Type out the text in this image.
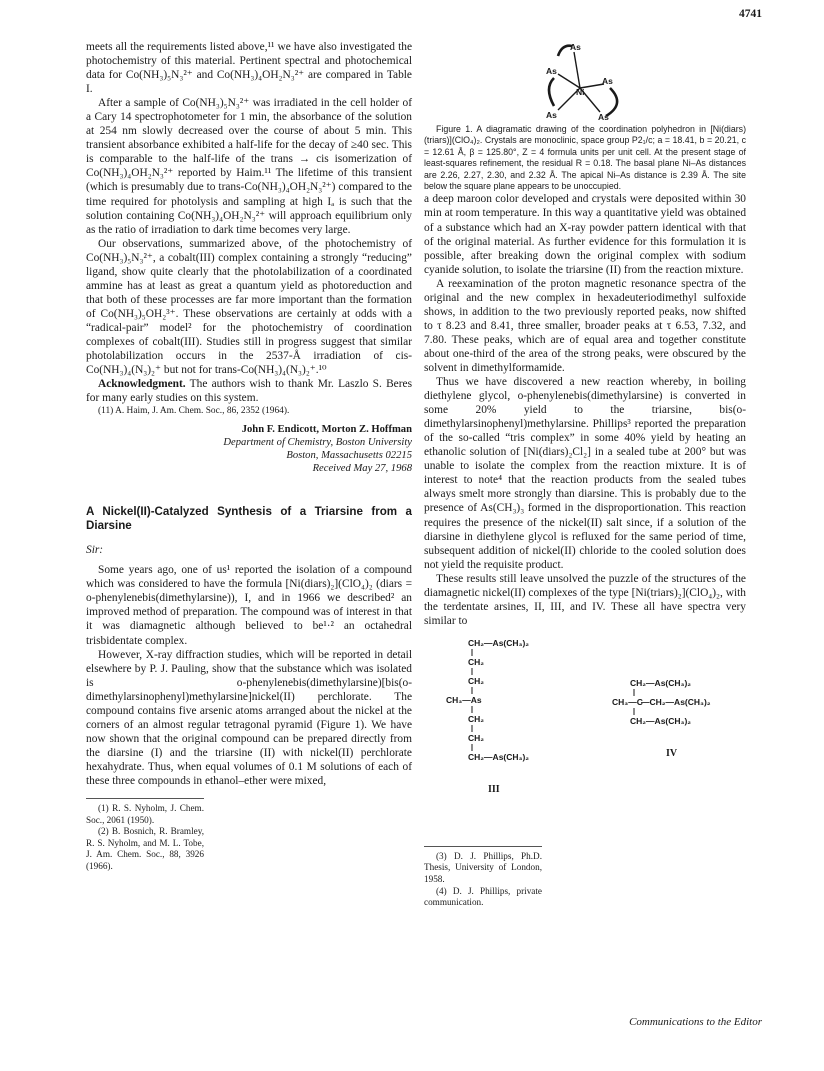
4741

meets all the requirements listed above,¹¹ we have also investigated the photochemistry of this material. Pertinent spectral and photochemical data for Co(NH₃)₅N₃²⁺ and Co(NH₃)₄OH₂N₃²⁺ are compared in Table I.

After a sample of Co(NH₃)₅N₃²⁺ was irradiated in the cell holder of a Cary 14 spectrophotometer for 1 min, the absorbance of the solution at 254 nm slowly decreased over the course of about 5 min. This transient absorbance exhibited a half-life for the decay of ≥40 sec. This is comparable to the half-life of the trans → cis isomerization of Co(NH₃)₄OH₂N₃²⁺ reported by Haim.¹¹ The lifetime of this transient (which is presumably due to trans-Co(NH₃)₄OH₂N₃²⁺) compared to the time required for photolysis and sampling at high Iₐ is such that the solution containing Co(NH₃)₄OH₂N₃²⁺ will approach equilibrium only as the ratio of irradiation to dark time becomes very large.

Our observations, summarized above, of the photochemistry of Co(NH₃)₅N₃²⁺, a cobalt(III) complex containing a strongly “reducing” ligand, show quite clearly that the photolabilization of a coordinated ammine has at least as great a quantum yield as photoreduction and that both of these processes are far more important than the formation of Co(NH₃)₅OH₂³⁺. These observations are certainly at odds with a “radical-pair” model² for the photochemistry of coordination complexes of cobalt(III). Studies still in progress suggest that similar photolabilization occurs in the 2537-Å irradiation of cis-Co(NH₃)₄(N₃)₂⁺ but not for trans-Co(NH₃)₄(N₃)₂⁺.¹⁰

Acknowledgment. The authors wish to thank Mr. Laszlo S. Beres for many early studies on this system.

(11) A. Haim, J. Am. Chem. Soc., 86, 2352 (1964).

John F. Endicott, Morton Z. Hoffman
Department of Chemistry, Boston University
Boston, Massachusetts 02215
Received May 27, 1968
A Nickel(II)-Catalyzed Synthesis of a Triarsine from a Diarsine
Sir:

Some years ago, one of us¹ reported the isolation of a compound which was considered to have the formula [Ni(diars)₂](ClO₄)₂ (diars = o-phenylenebis(dimethylarsine)), I, and in 1966 we described² an improved method of preparation. The compound was of interest in that it was diamagnetic although believed to be¹·² an octahedral trisbidentate complex.

However, X-ray diffraction studies, which will be reported in detail elsewhere by P. J. Pauling, show that the substance which was isolated is o-phenylenebis(dimethylarsine)[bis(o-dimethylarsinophenyl)methylarsine]nickel(II) perchlorate. The compound contains five arsenic atoms arranged about the nickel at the corners of an almost regular tetragonal pyramid (Figure 1). We have now shown that the original compound can be prepared directly from the diarsine (I) and the triarsine (II) with nickel(II) perchlorate hexahydrate. Thus, when equal volumes of 0.1 M solutions of each of these three compounds in ethanol–ether were mixed,

(1) R. S. Nyholm, J. Chem. Soc., 2061 (1950).

(2) B. Bosnich, R. Bramley, R. S. Nyholm, and M. L. Tobe, J. Am. Chem. Soc., 88, 3926 (1966).

As
As
As
As	As
Ni

Figure 1. A diagramatic drawing of the coordination polyhedron in [Ni(diars)(triars)](ClO₄)₂. Crystals are monoclinic, space group P2₁/c; a = 18.41, b = 20.21, c = 12.61 Å, β = 125.80°, Z = 4 formula units per unit cell. At the present stage of least-squares refinement, the residual R = 0.18. The basal plane Ni–As distances are 2.26, 2.27, 2.30, and 2.32 Å. The apical Ni–As distance is 2.39 Å. The site below the square plane appears to be unoccupied.

a deep maroon color developed and crystals were deposited within 30 min at room temperature. In this way a quantitative yield was obtained of a substance which had an X-ray powder pattern identical with that of the original material. As further evidence for this formulation it is possible, after breaking down the original complex with sodium cyanide solution, to isolate the triarsine (II) from the reaction mixture.

A reexamination of the proton magnetic resonance spectra of the original and the new complex in hexadeuteriodimethyl sulfoxide shows, in addition to the two previously reported peaks, now shifted to τ 8.23 and 8.41, three smaller, broader peaks at τ 6.53, 7.32, and 7.80. These peaks, which are of equal area and together constitute about one-third of the area of the strong peaks, were obscured by the solvent in dimethylformamide.

Thus we have discovered a new reaction whereby, in boiling diethylene glycol, o-phenylenebis(dimethylarsine) is converted in some 20% yield to the triarsine, bis(o-dimethylarsinophenyl)methylarsine. Phillips³ reported the preparation of the so-called “tris complex” in some 40% yield by heating an ethanolic solution of [Ni(diars)₂Cl₂] in a sealed tube at 200° but was unable to isolate the complex from the reaction mixture. It is of interest to note⁴ that the reaction products from the sealed tubes always smelt more strongly than diarsine. This is probably due to the presence of As(CH₃)₃ formed in the disproportionation. This reaction requires the presence of the nickel(II) salt since, if a solution of the diarsine in diethylene glycol is refluxed for the same period of time, subsequent addition of nickel(II) chloride to the cooled solution does not yield the requisite product.

These results still leave unsolved the puzzle of the structures of the diamagnetic nickel(II) complexes of the type [Ni(triars)₂](ClO₄)₂, with the terdentate arsines, II, III, and IV. These all have spectra very similar to

CH₂—As(CH₃)₂
CH₂
CH₂
CH₃—As
CH₂
CH₂
CH₂—As(CH₃)₂
III
CH₂—As(CH₃)₂
CH₃—C
—CH₂—As(CH₃)₂
CH₂—As(CH₃)₂
IV

(3) D. J. Phillips, Ph.D. Thesis, University of London, 1958.

(4) D. J. Phillips, private communication.

Communications to the Editor
